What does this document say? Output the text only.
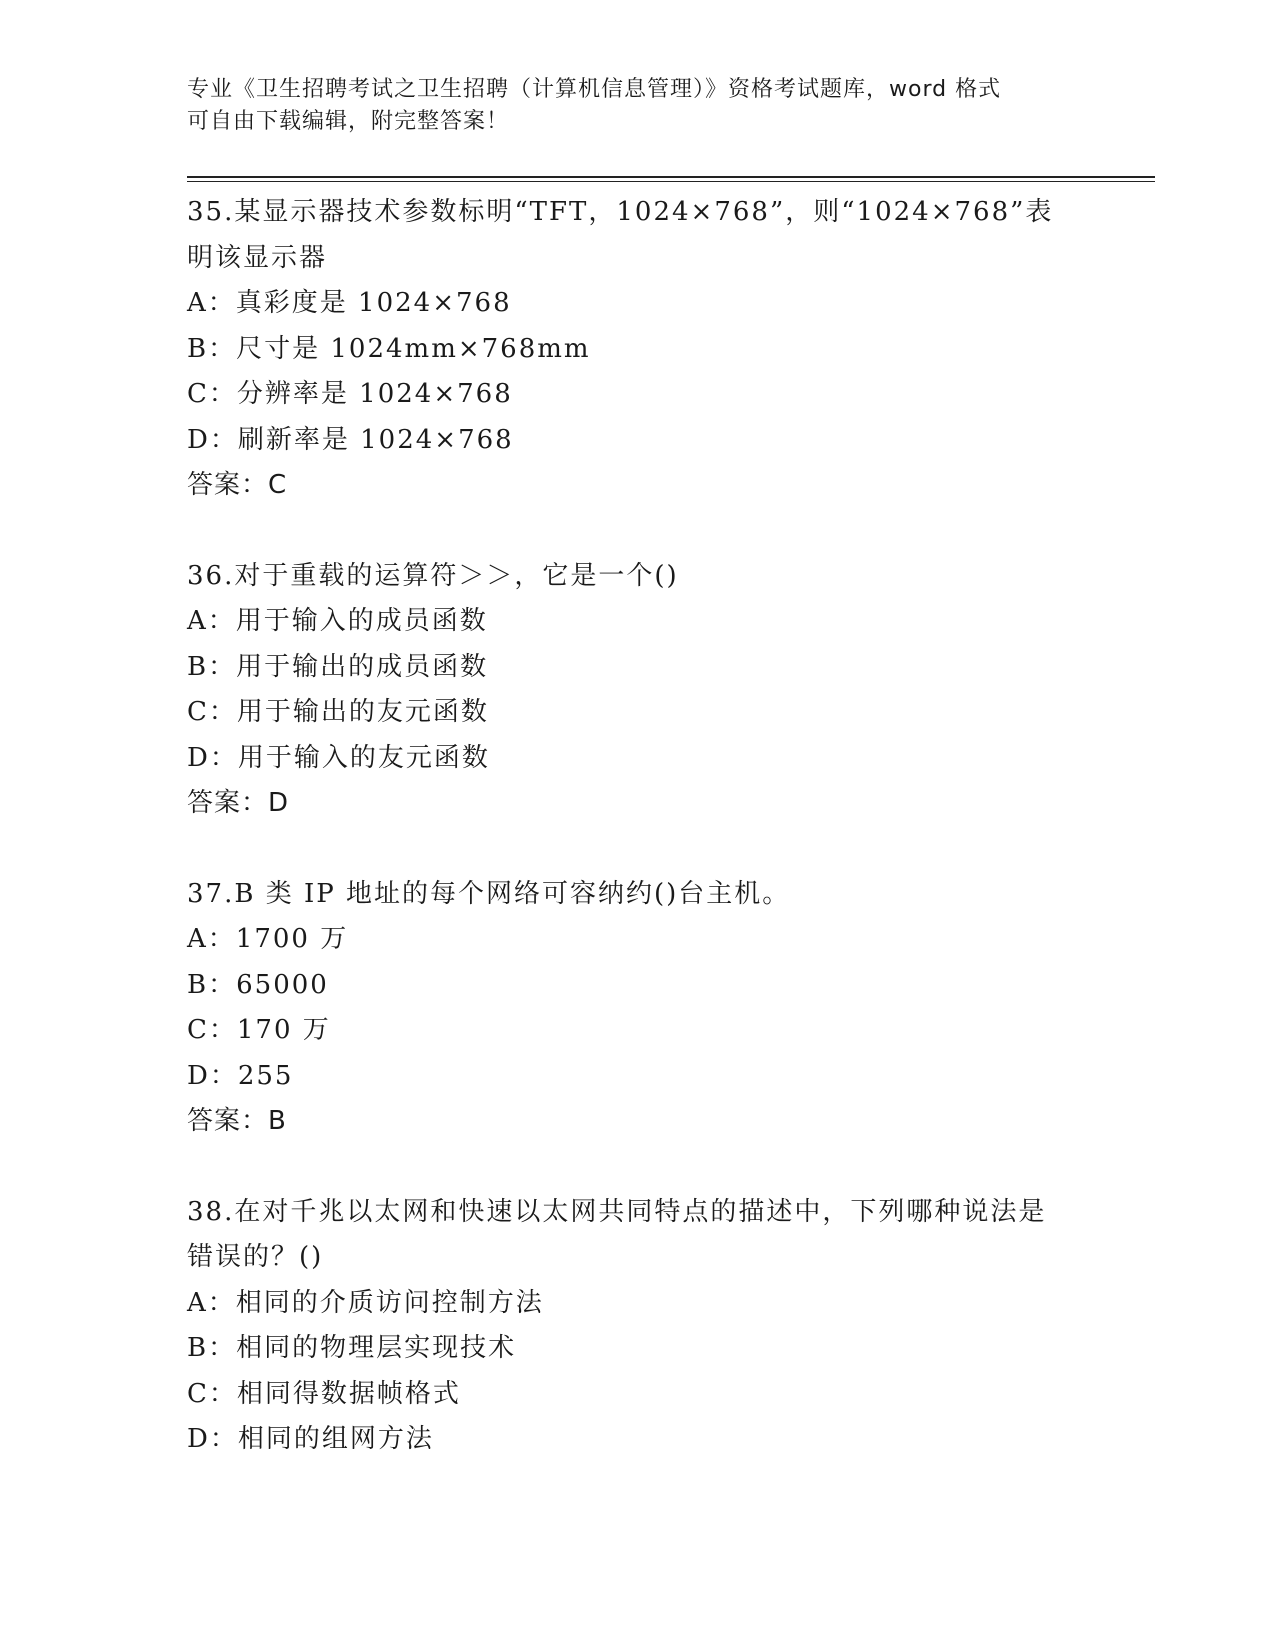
专业《卫生招聘考试之卫生招聘（计算机信息管理）》资格考试题库，word 格式
可自由下载编辑，附完整答案！
35.某显示器技术参数标明“TFT，1024×768”，则“1024×768”表
明该显示器
A：真彩度是 1024×768
B：尺寸是 1024mm×768mm
C：分辨率是 1024×768
D：刷新率是 1024×768
答案：C
36.对于重载的运算符＞＞，它是一个()
A：用于输入的成员函数
B：用于输出的成员函数
C：用于输出的友元函数
D：用于输入的友元函数
答案：D
37.B 类 IP 地址的每个网络可容纳约()台主机。
A：1700 万
B：65000
C：170 万
D：255
答案：B
38.在对千兆以太网和快速以太网共同特点的描述中，下列哪种说法是
错误的？()
A：相同的介质访问控制方法
B：相同的物理层实现技术
C：相同得数据帧格式
D：相同的组网方法
